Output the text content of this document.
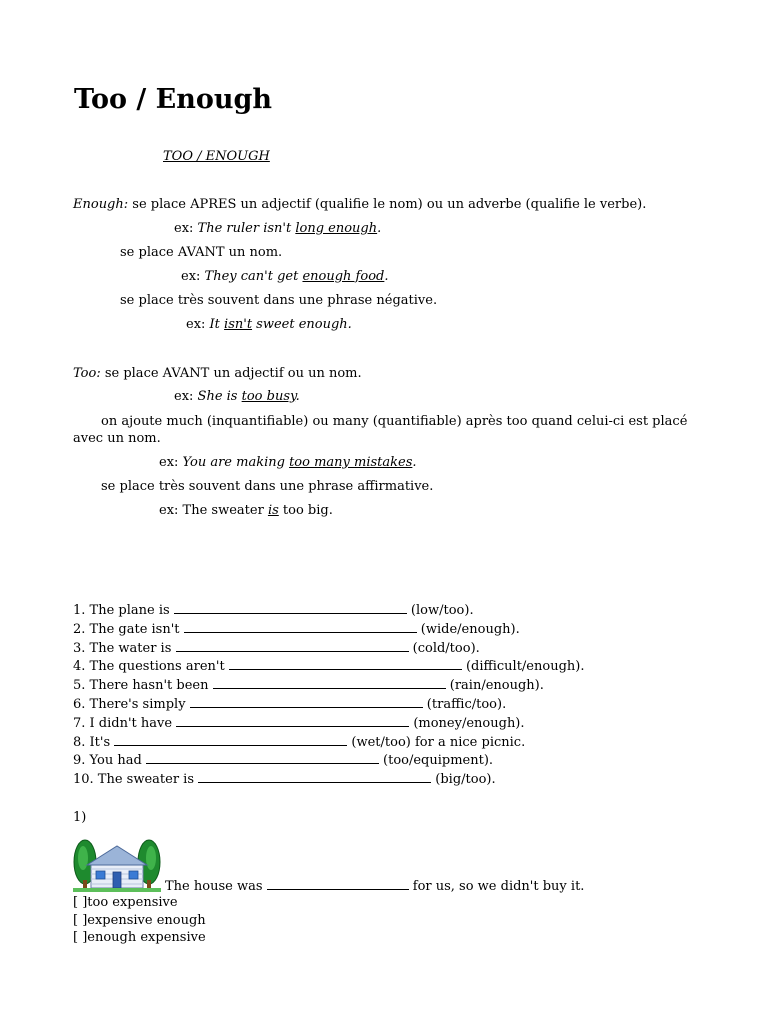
Too / Enough
TOO / ENOUGH
Enough: se place APRES un adjectif (qualifie le nom) ou un adverbe (qualifie le verbe).
ex: The ruler isn't long enough.
se place AVANT un nom.
ex: They can't get enough food.
se place très souvent dans une phrase négative.
ex: It isn't sweet enough.
Too: se place AVANT un adjectif ou un nom.
ex: She is too busy.
on ajoute much (inquantifiable) ou many (quantifiable) après too quand celui-ci est placé avec un nom.
ex: You are making too many mistakes.
se place très souvent dans une phrase affirmative.
ex: The sweater is too big.
1. The plane is	(low/too).
2. The gate isn't	(wide/enough).
3. The water is	(cold/too).
4. The questions aren't	(difficult/enough).
5. There hasn't been	(rain/enough).
6. There's simply	(traffic/too).
7. I didn't have	(money/enough).
8. It's	(wet/too) for a nice picnic.
9. You had	(too/equipment).
10. The sweater is	(big/too).
1)
The house was	for us, so we didn't buy it.
[ ]too expensive
[ ]expensive enough
[ ]enough expensive
